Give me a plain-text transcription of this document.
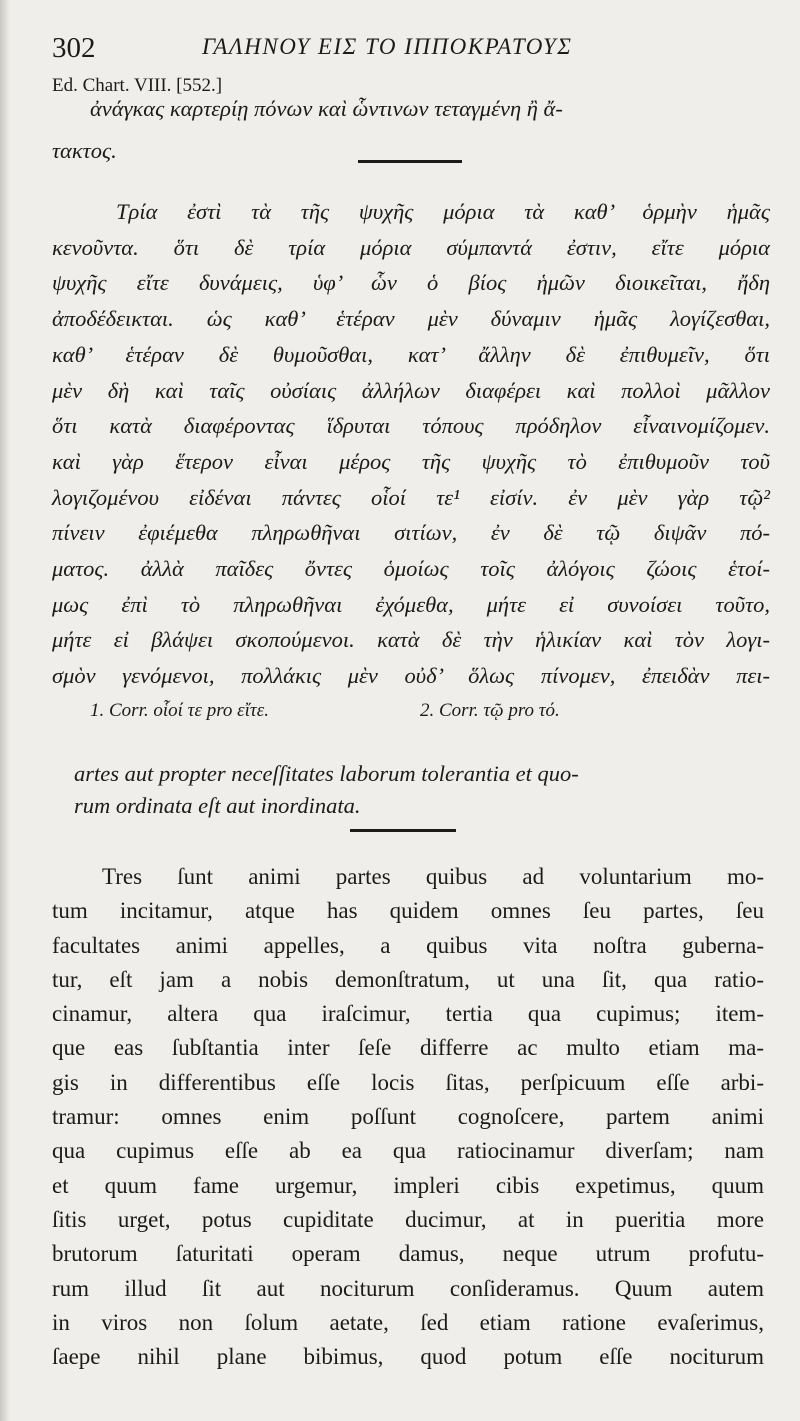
302	ΓΑΛΗΝΟΥ ΕΙΣ ΤΟ ΙΠΠΟΚΡΑΤΟΥΣ
Ed. Chart. VIII. [552.]
ἀνάγκας καρτερίῃ πόνων καὶ ὧντινων τεταγμένη ἢ ἄ-
τακτος.
Τρία ἐστὶ τὰ τῆς ψυχῆς μόρια τὰ καθ’ ὁρμὴν ἡμᾶς
κενοῦντα. ὅτι δὲ τρία μόρια σύμπαντά ἐστιν, εἴτε μόρια
ψυχῆς εἴτε δυνάμεις, ὑφ’ ὧν ὁ βίος ἡμῶν διοικεῖται, ἤδη
ἀποδέδεικται. ὡς καθ’ ἑτέραν μὲν δύναμιν ἡμᾶς λογίζεσθαι,
καθ’ ἑτέραν δὲ θυμοῦσθαι, κατ’ ἄλλην δὲ ἐπιθυμεῖν, ὅτι
μὲν δὴ καὶ ταῖς οὐσίαις ἀλλήλων διαφέρει καὶ πολλοὶ μᾶλλον
ὅτι κατὰ διαφέροντας ἵδρυται τόπους πρόδηλον εἶναινομίζομεν.
καὶ γὰρ ἕτερον εἶναι μέρος τῆς ψυχῆς τὸ ἐπιθυμοῦν τοῦ
λογιζομένου εἰδέναι πάντες οἷοί τε¹ εἰσίν. ἐν μὲν γὰρ τῷ²
πίνειν ἐφιέμεθα πληρωθῆναι σιτίων, ἐν δὲ τῷ διψᾶν πό-
ματος. ἀλλὰ παῖδες ὄντες ὁμοίως τοῖς ἀλόγοις ζώοις ἑτοί-
μως ἐπὶ τὸ πληρωθῆναι ἐχόμεθα, μήτε εἰ συνοίσει τοῦτο,
μήτε εἰ βλάψει σκοπούμενοι. κατὰ δὲ τὴν ἡλικίαν καὶ τὸν λογι-
σμὸν γενόμενοι, πολλάκις μὲν οὐδ’ ὅλως πίνομεν, ἐπειδὰν πει-
1. Corr. οἷοί τε pro εἴτε.	2. Corr. τῷ pro τό.
artes aut propter neceſſitates laborum tolerantia et quo-
rum ordinata eſt aut inordinata.
Tres ſunt animi partes quibus ad voluntarium mo-
tum incitamur, atque has quidem omnes ſeu partes, ſeu
facultates animi appelles, a quibus vita noſtra guberna-
tur, eſt jam a nobis demonſtratum, ut una ſit, qua ratio-
cinamur, altera qua iraſcimur, tertia qua cupimus; item-
que eas ſubſtantia inter ſeſe differre ac multo etiam ma-
gis in differentibus eſſe locis ſitas, perſpicuum eſſe arbi-
tramur: omnes enim poſſunt cognoſcere, partem animi
qua cupimus eſſe ab ea qua ratiocinamur diverſam; nam
et quum fame urgemur, impleri cibis expetimus, quum
ſitis urget, potus cupiditate ducimur, at in pueritia more
brutorum ſaturitati operam damus, neque utrum profutu-
rum illud ſit aut nociturum conſideramus. Quum autem
in viros non ſolum aetate, ſed etiam ratione evaſerimus,
ſaepe nihil plane bibimus, quod potum eſſe nociturum
